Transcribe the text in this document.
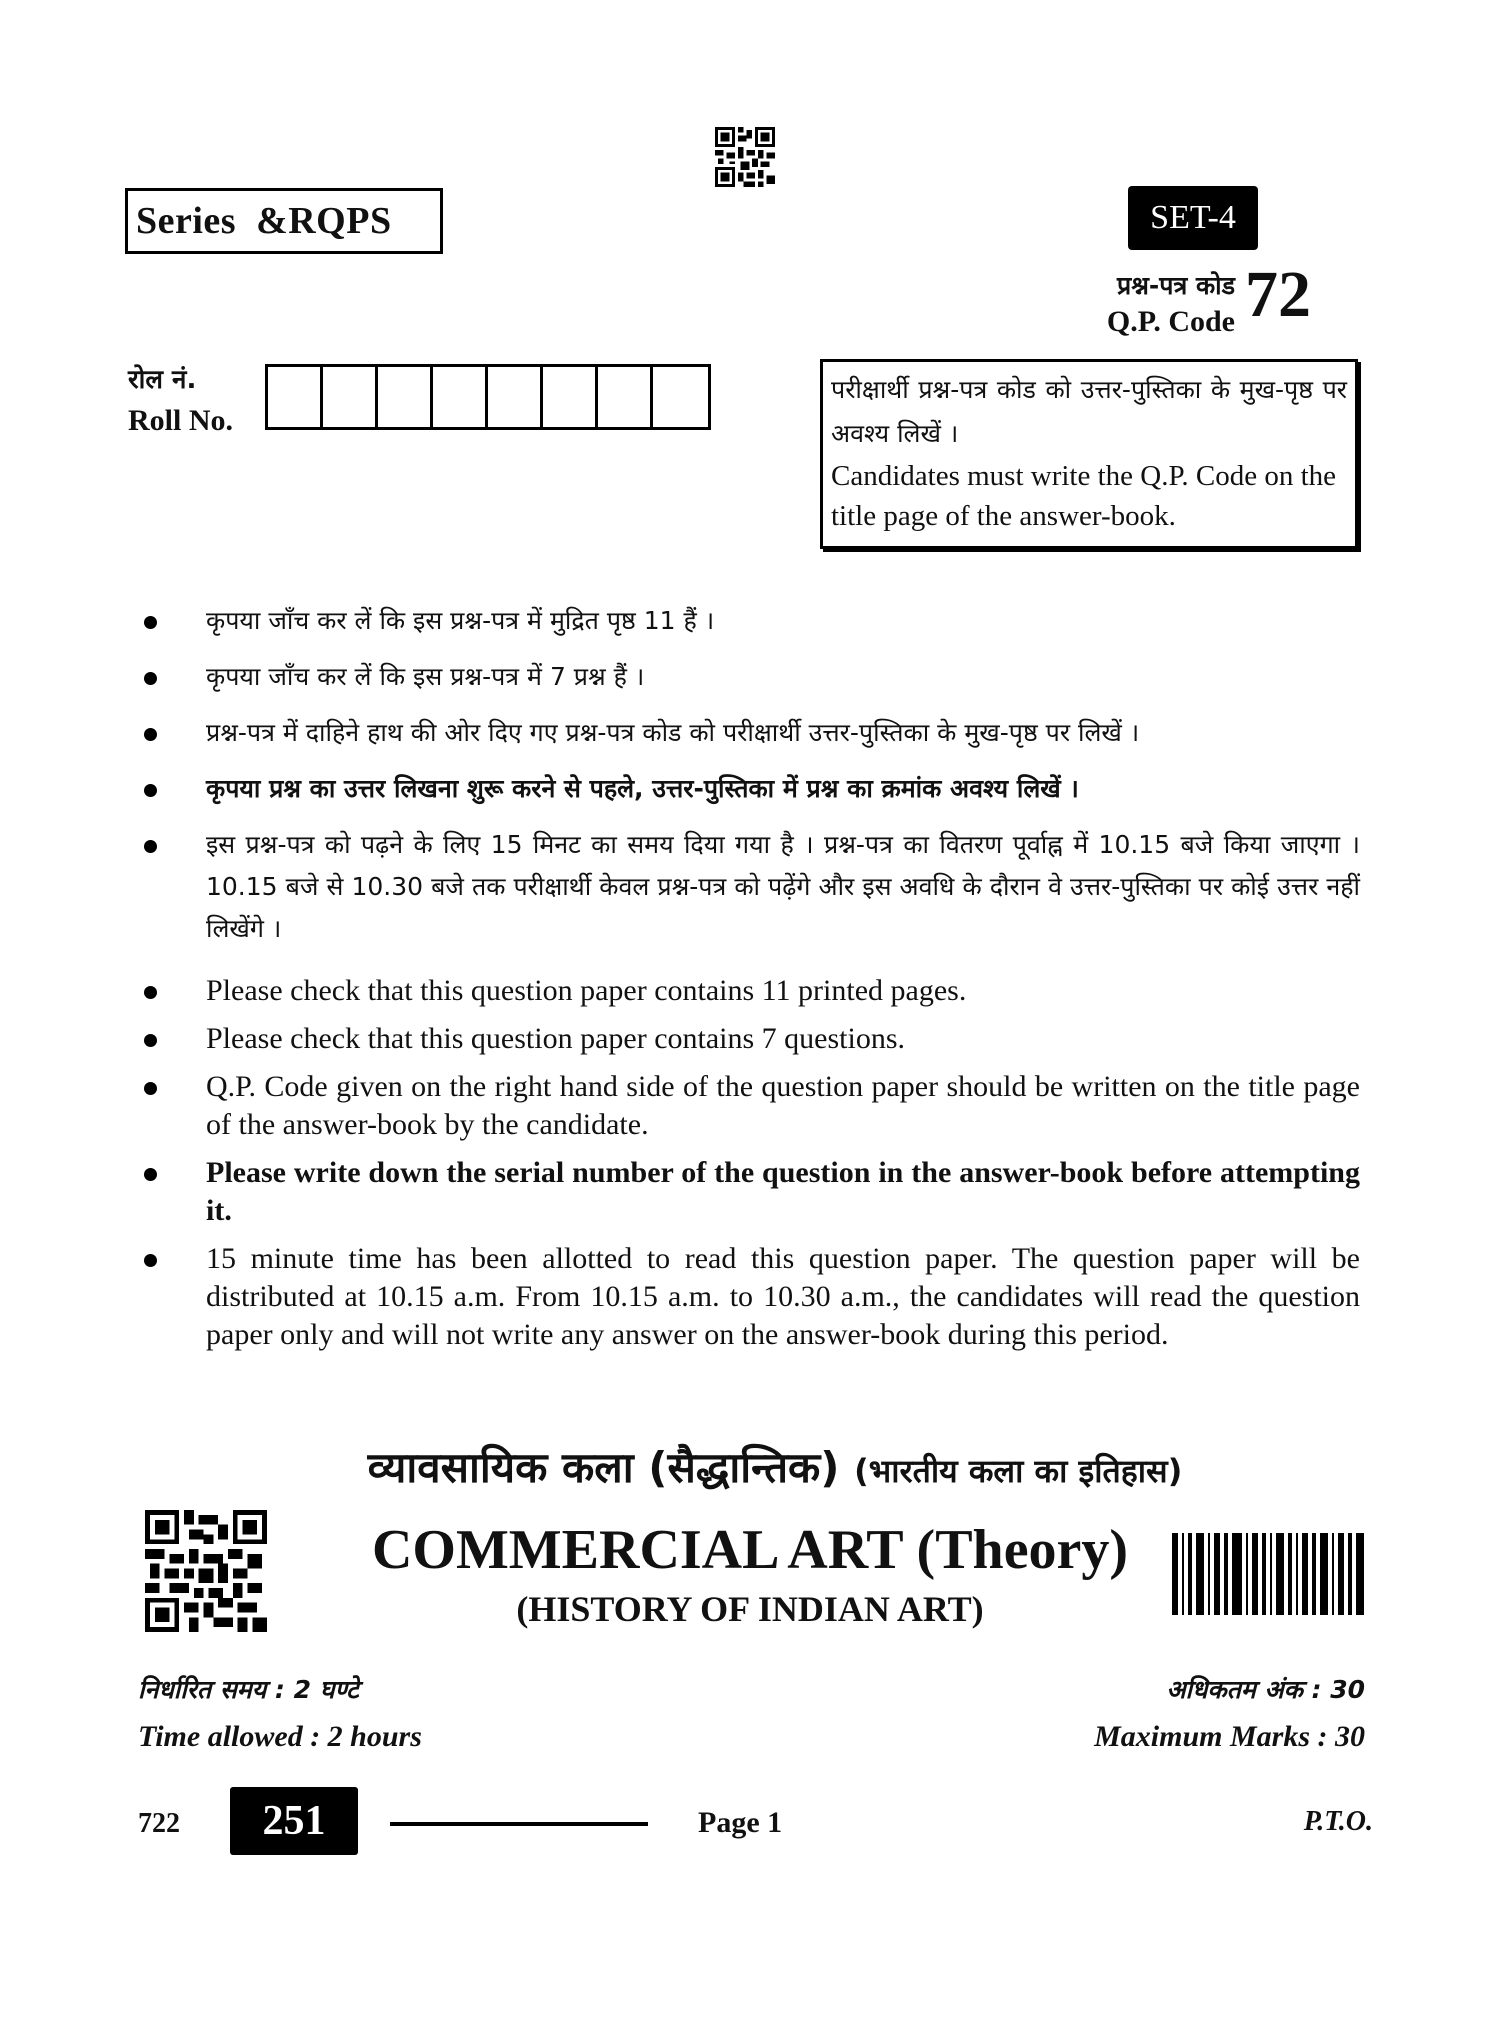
Series  &RQPS	SET-4
प्रश्न-पत्र कोड
Q.P. Code 72
रोल नं.
Roll No.
परीक्षार्थी प्रश्न-पत्र कोड को उत्तर-पुस्तिका के मुख-पृष्ठ पर अवश्य लिखें ।
Candidates must write the Q.P. Code on the title page of the answer-book.
कृपया जाँच कर लें कि इस प्रश्न-पत्र में मुद्रित पृष्ठ 11 हैं ।
कृपया जाँच कर लें कि इस प्रश्न-पत्र में 7 प्रश्न हैं ।
प्रश्न-पत्र में दाहिने हाथ की ओर दिए गए प्रश्न-पत्र कोड को परीक्षार्थी उत्तर-पुस्तिका के मुख-पृष्ठ पर लिखें ।
कृपया प्रश्न का उत्तर लिखना शुरू करने से पहले, उत्तर-पुस्तिका में प्रश्न का क्रमांक अवश्य लिखें ।
इस प्रश्न-पत्र को पढ़ने के लिए 15 मिनट का समय दिया गया है । प्रश्न-पत्र का वितरण पूर्वाह्न में 10.15 बजे किया जाएगा । 10.15 बजे से 10.30 बजे तक परीक्षार्थी केवल प्रश्न-पत्र को पढ़ेंगे और इस अवधि के दौरान वे उत्तर-पुस्तिका पर कोई उत्तर नहीं लिखेंगे ।
Please check that this question paper contains 11 printed pages.
Please check that this question paper contains 7 questions.
Q.P. Code given on the right hand side of the question paper should be written on the title page of the answer-book by the candidate.
Please write down the serial number of the question in the answer-book before attempting it.
15 minute time has been allotted to read this question paper. The question paper will be distributed at 10.15 a.m. From 10.15 a.m. to 10.30 a.m., the candidates will read the question paper only and will not write any answer on the answer-book during this period.
व्यावसायिक कला (सैद्धान्तिक) (भारतीय कला का इतिहास)
COMMERCIAL ART (Theory)
(HISTORY OF INDIAN ART)
निर्धारित समय : 2 घण्टे
Time allowed : 2 hours
अधिकतम अंक : 30
Maximum Marks : 30
722	251	Page 1	P.T.O.
